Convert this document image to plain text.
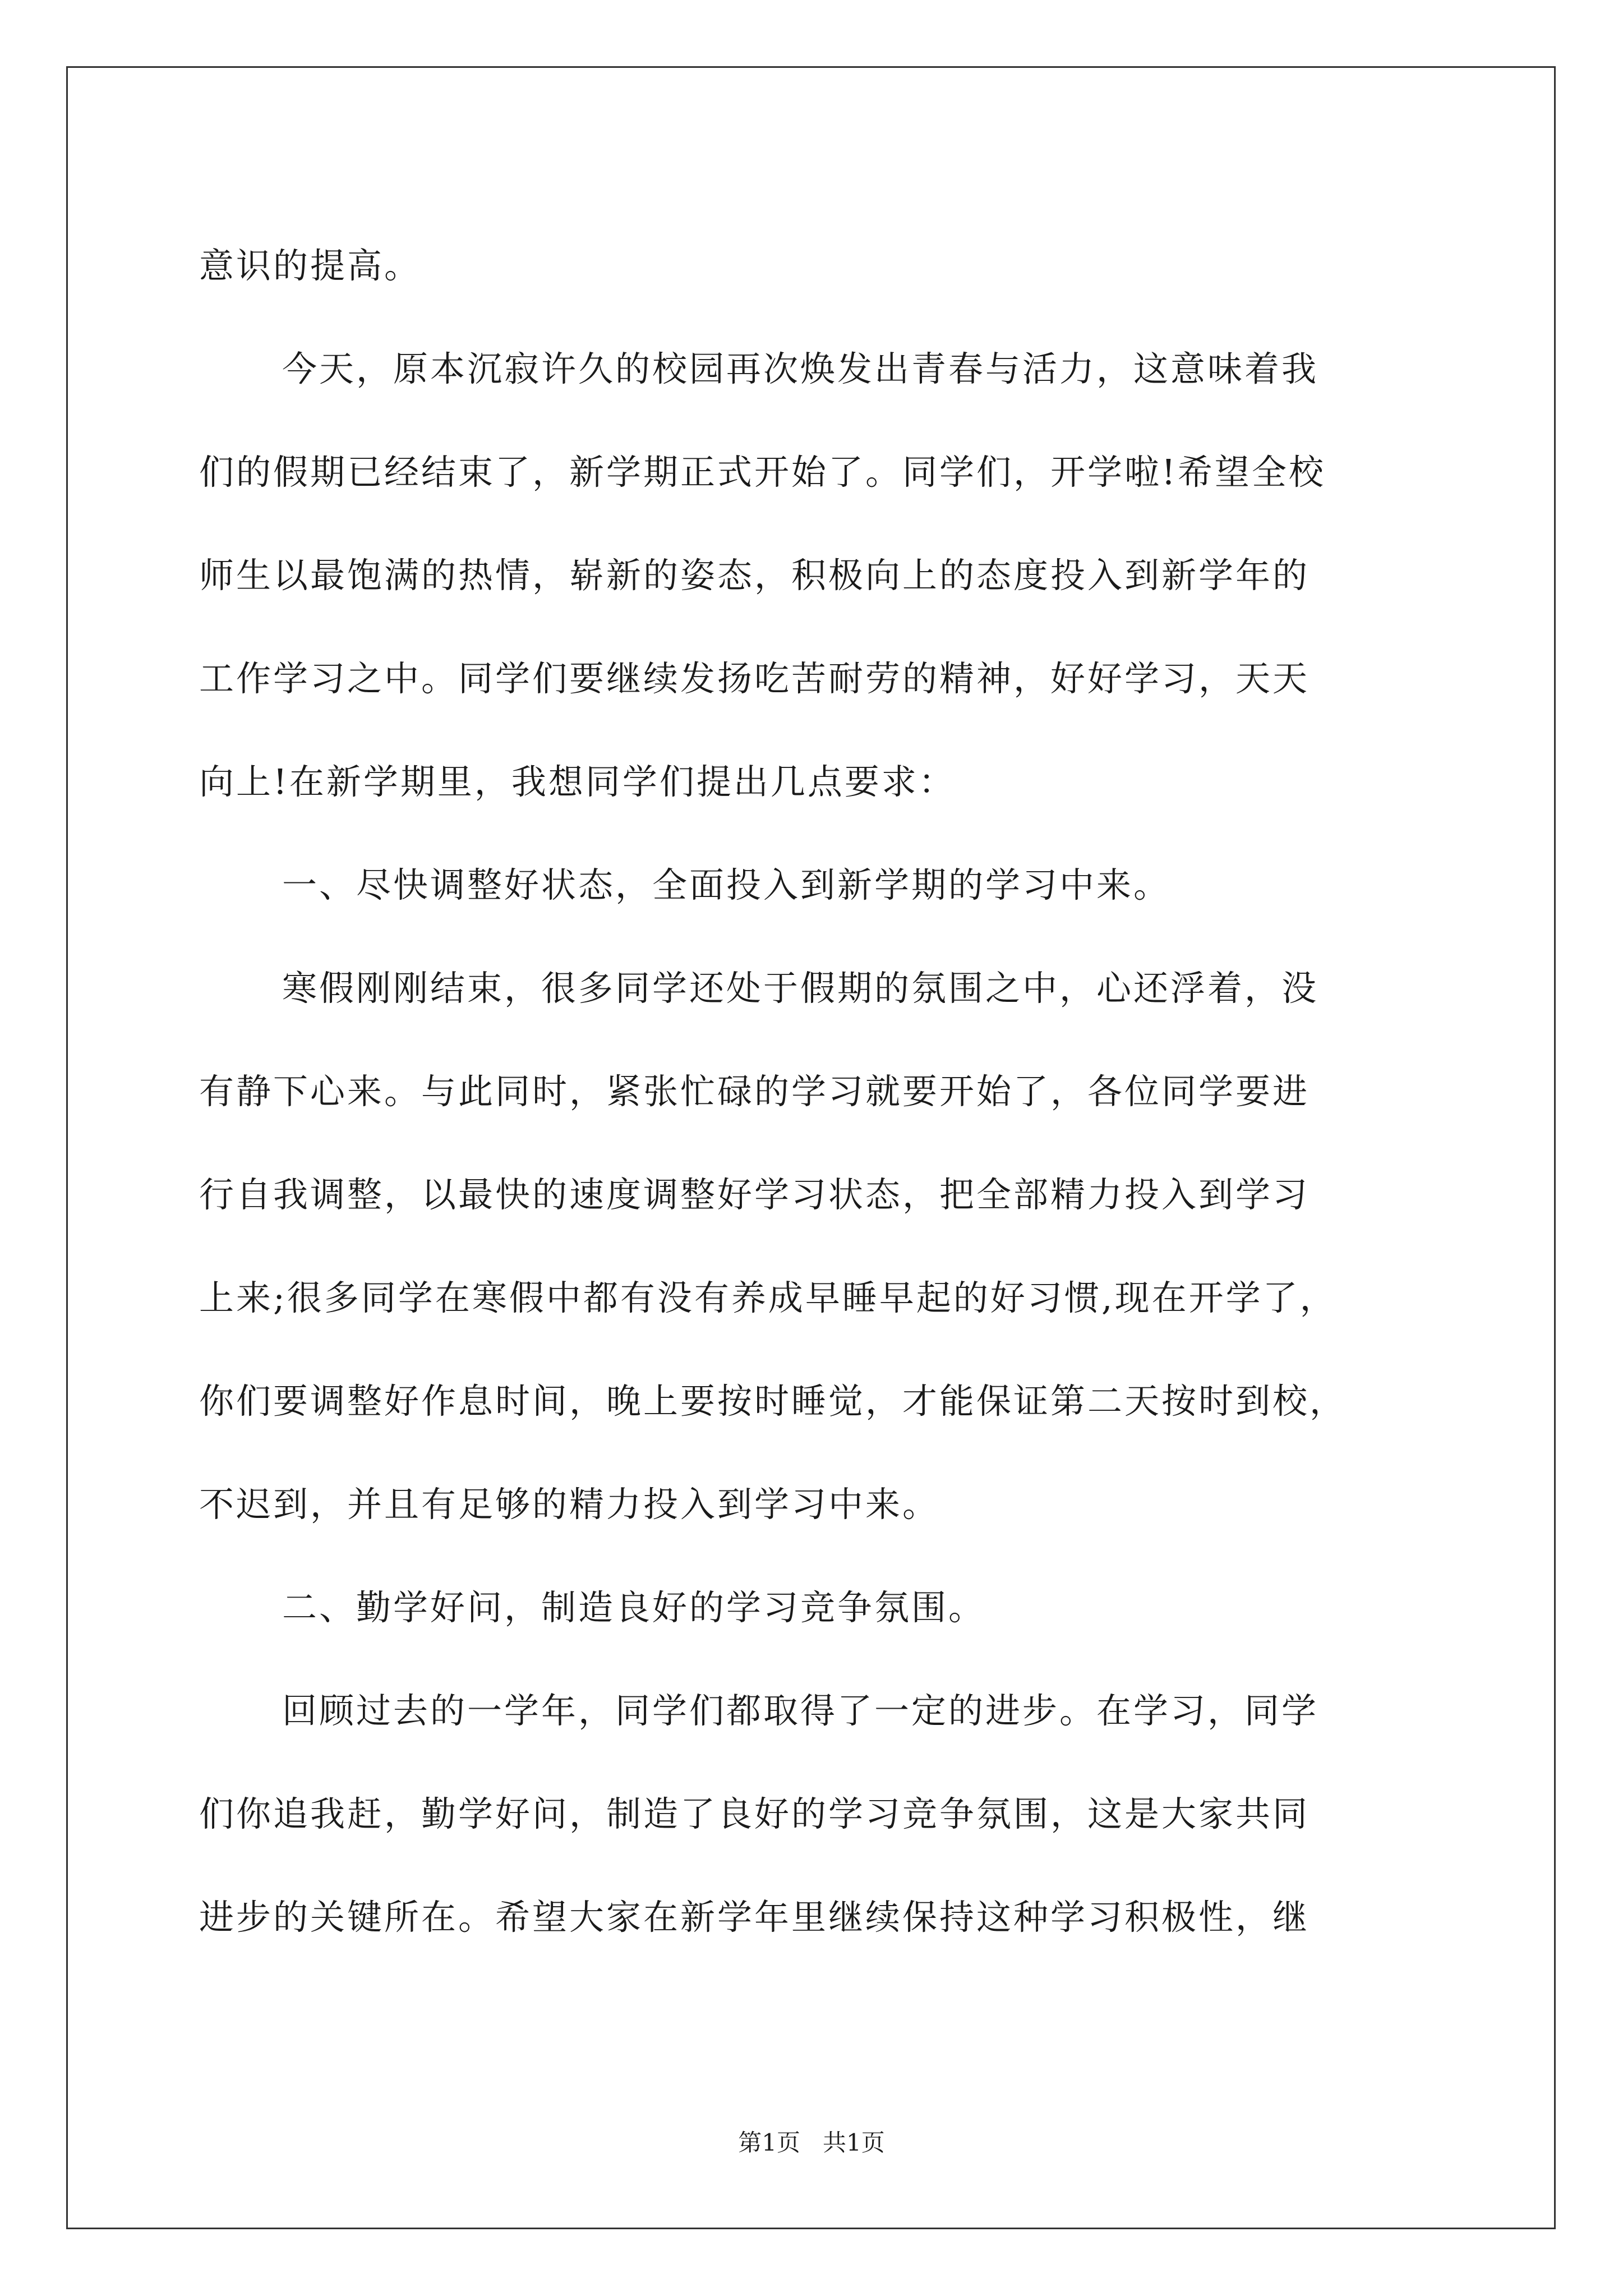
意识的提高。
今天，原本沉寂许久的校园再次焕发出青春与活力，这意味着我
们的假期已经结束了，新学期正式开始了。同学们，开学啦!希望全校
师生以最饱满的热情，崭新的姿态，积极向上的态度投入到新学年的
工作学习之中。同学们要继续发扬吃苦耐劳的精神，好好学习，天天
向上!在新学期里，我想同学们提出几点要求：
一、尽快调整好状态，全面投入到新学期的学习中来。
寒假刚刚结束，很多同学还处于假期的氛围之中，心还浮着，没
有静下心来。与此同时，紧张忙碌的学习就要开始了，各位同学要进
行自我调整，以最快的速度调整好学习状态，把全部精力投入到学习
上来;很多同学在寒假中都有没有养成早睡早起的好习惯,现在开学了，
你们要调整好作息时间，晚上要按时睡觉，才能保证第二天按时到校，
不迟到，并且有足够的精力投入到学习中来。
二、勤学好问，制造良好的学习竞争氛围。
回顾过去的一学年，同学们都取得了一定的进步。在学习，同学
们你追我赶，勤学好问，制造了良好的学习竞争氛围，这是大家共同
进步的关键所在。希望大家在新学年里继续保持这种学习积极性，继
第1页   共1页
